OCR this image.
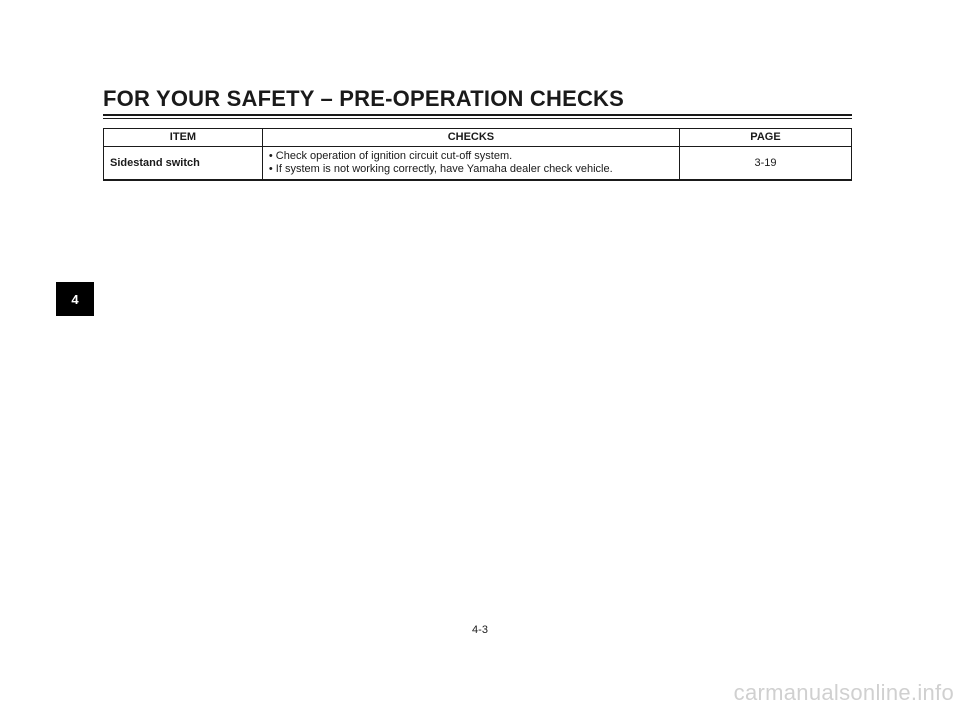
FOR YOUR SAFETY – PRE-OPERATION CHECKS
ITEM	CHECKS	PAGE
Sidestand switch	• Check operation of ignition circuit cut-off system.
• If system is not working correctly, have Yamaha dealer check vehicle.	3-19
4
4-3
carmanualsonline.info
